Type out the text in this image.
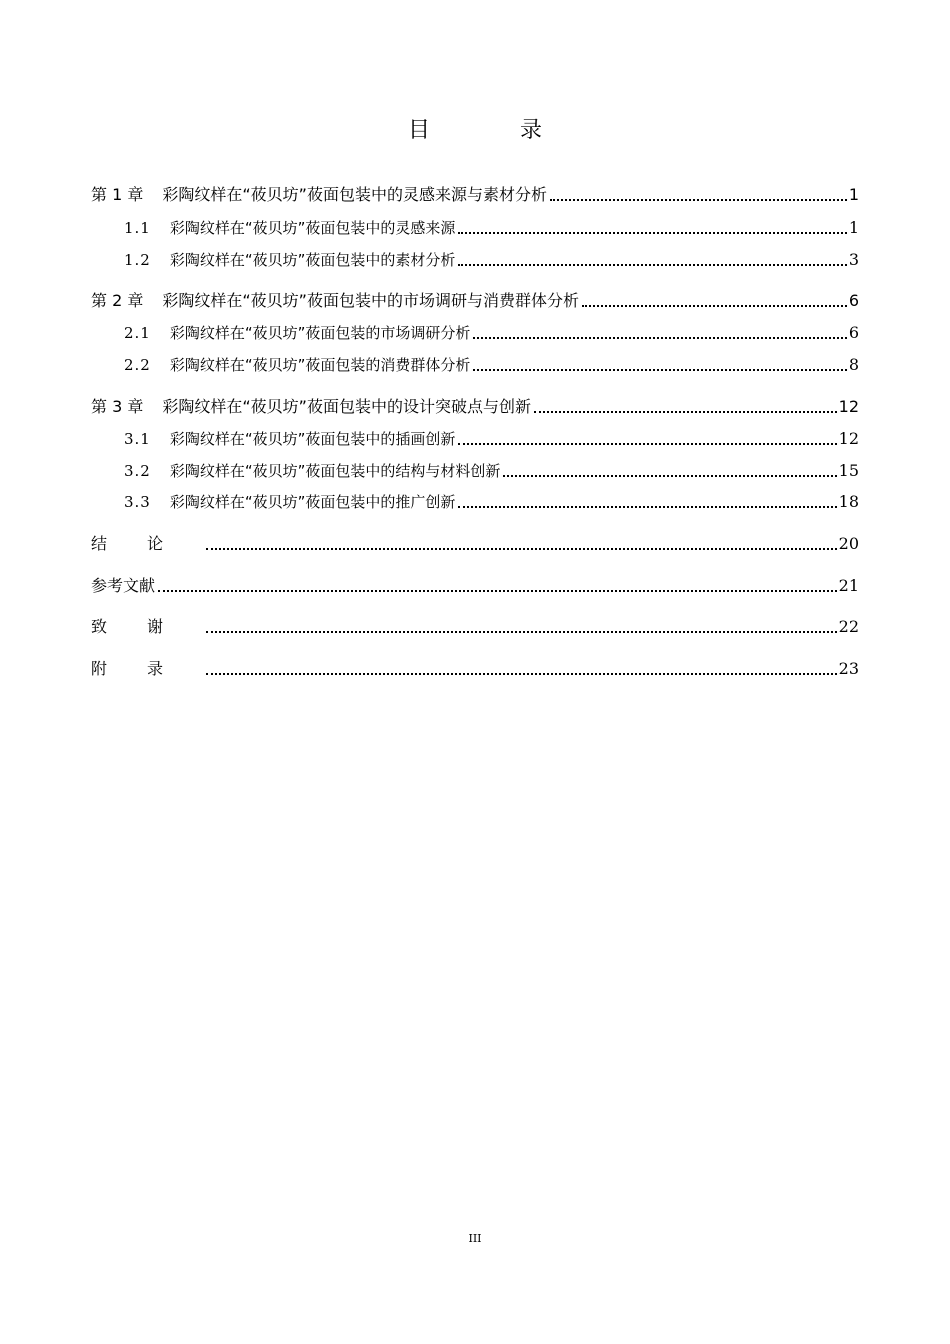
目　录
第 1 章 彩陶纹样在“莜贝坊”莜面包装中的灵感来源与素材分析	1
1.1 彩陶纹样在“莜贝坊”莜面包装中的灵感来源	1
1.2 彩陶纹样在“莜贝坊”莜面包装中的素材分析	3
第 2 章 彩陶纹样在“莜贝坊”莜面包装中的市场调研与消费群体分析	6
2.1 彩陶纹样在“莜贝坊”莜面包装的市场调研分析	6
2.2 彩陶纹样在“莜贝坊”莜面包装的消费群体分析	8
第 3 章 彩陶纹样在“莜贝坊”莜面包装中的设计突破点与创新	12
3.1 彩陶纹样在“莜贝坊”莜面包装中的插画创新	12
3.2 彩陶纹样在“莜贝坊”莜面包装中的结构与材料创新	15
3.3 彩陶纹样在“莜贝坊”莜面包装中的推广创新	18
结论	20
参考文献	21
致谢	22
附录	23
III
